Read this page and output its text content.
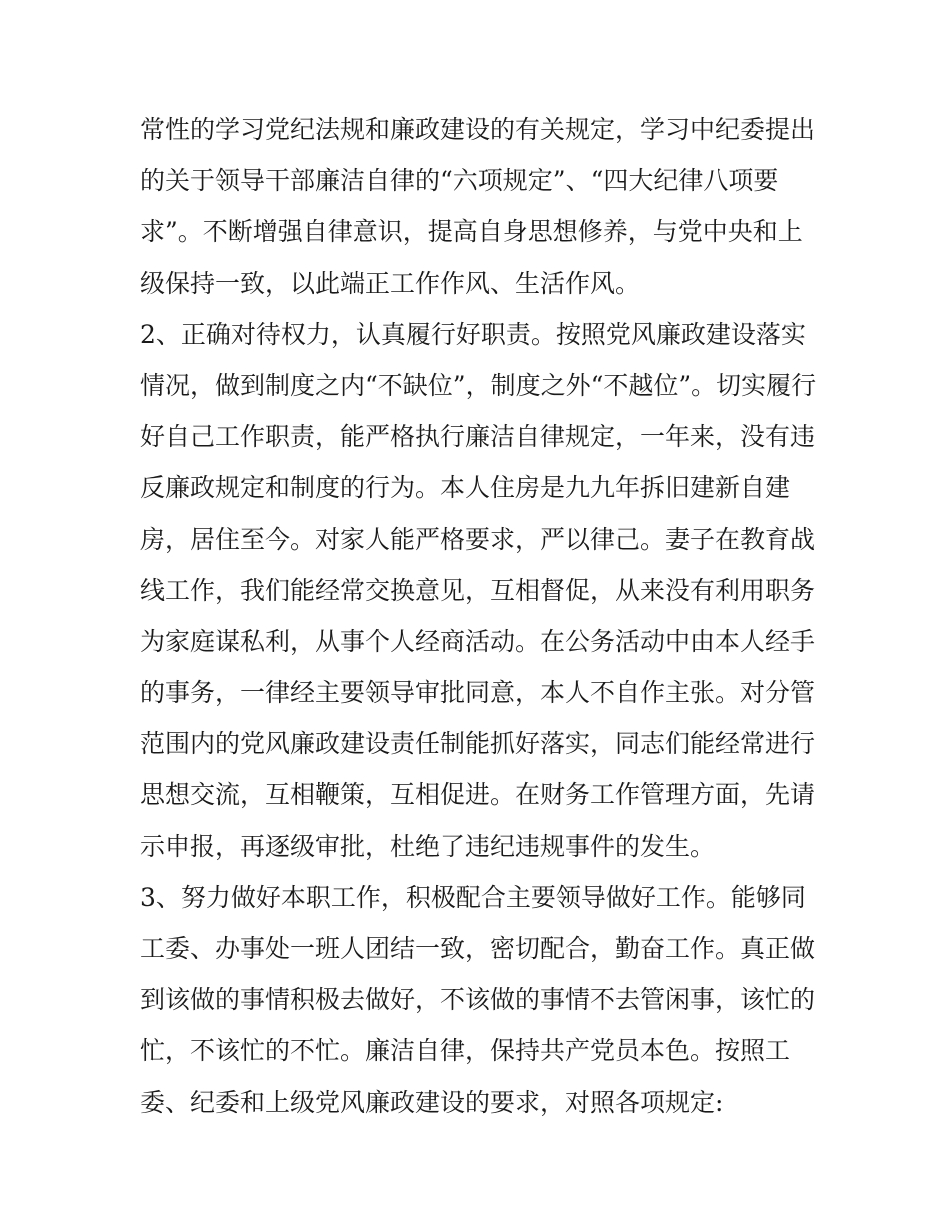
常性的学习党纪法规和廉政建设的有关规定，学习中纪委提出
的关于领导干部廉洁自律的“六项规定”、“四大纪律八项要
求”。不断增强自律意识，提高自身思想修养，与党中央和上
级保持一致，以此端正工作作风、生活作风。
2、正确对待权力，认真履行好职责。按照党风廉政建设落实
情况，做到制度之内“不缺位”，制度之外“不越位”。切实履行
好自己工作职责，能严格执行廉洁自律规定，一年来，没有违
反廉政规定和制度的行为。本人住房是九九年拆旧建新自建
房，居住至今。对家人能严格要求，严以律己。妻子在教育战
线工作，我们能经常交换意见，互相督促，从来没有利用职务
为家庭谋私利，从事个人经商活动。在公务活动中由本人经手
的事务，一律经主要领导审批同意，本人不自作主张。对分管
范围内的党风廉政建设责任制能抓好落实，同志们能经常进行
思想交流，互相鞭策，互相促进。在财务工作管理方面，先请
示申报，再逐级审批，杜绝了违纪违规事件的发生。
3、努力做好本职工作，积极配合主要领导做好工作。能够同
工委、办事处一班人团结一致，密切配合，勤奋工作。真正做
到该做的事情积极去做好，不该做的事情不去管闲事，该忙的
忙，不该忙的不忙。廉洁自律，保持共产党员本色。按照工
委、纪委和上级党风廉政建设的要求，对照各项规定:
